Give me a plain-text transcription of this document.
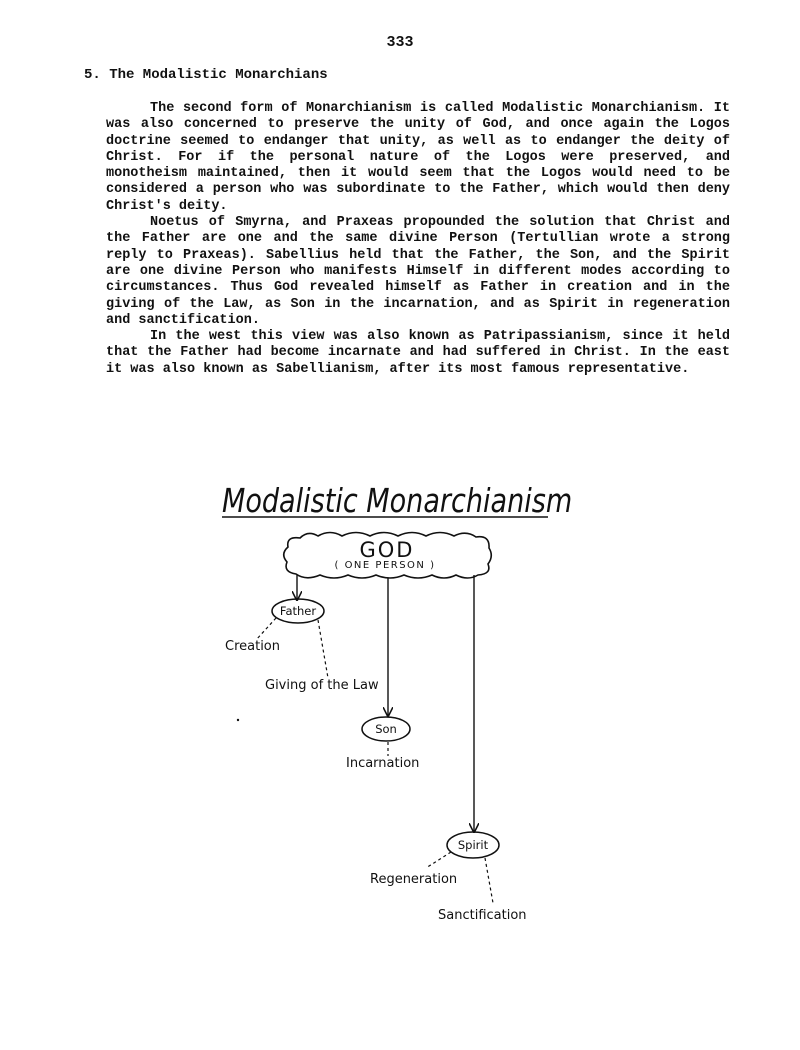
333
5. The Modalistic Monarchians

The second form of Monarchianism is called Modalistic Monarchianism. It was also concerned to preserve the unity of God, and once again the Logos doctrine seemed to endanger that unity, as well as to endanger the deity of Christ. For if the personal nature of the Logos were preserved, and monotheism maintained, then it would seem that the Logos would need to be considered a person who was subordinate to the Father, which would then deny Christ's deity.

Noetus of Smyrna, and Praxeas propounded the solution that Christ and the Father are one and the same divine Person (Tertullian wrote a strong reply to Praxeas). Sabellius held that the Father, the Son, and the Spirit are one divine Person who manifests Himself in different modes according to circumstances. Thus God revealed himself as Father in creation and in the giving of the Law, as Son in the incarnation, and as Spirit in regeneration and sanctification.

In the west this view was also known as Patripassianism, since it held that the Father had become incarnate and had suffered in Christ. In the east it was also known as Sabellianism, after its most famous representative.

Modalistic Monarchianism
GOD
( ONE PERSON )
Father
Creation
Giving of the Law
Son
Incarnation
Spirit
Regeneration
Sanctification
